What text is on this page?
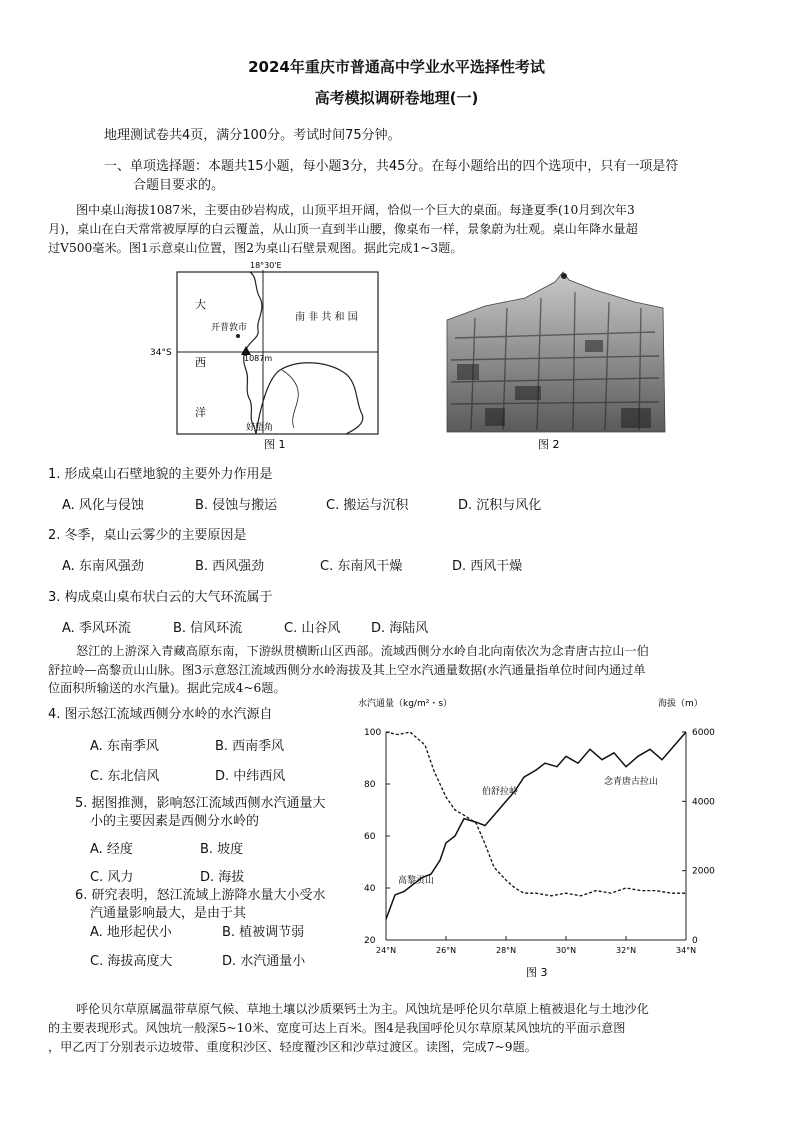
2024年重庆市普通高中学业水平选择性考试
高考模拟调研卷地理(一)
地理测试卷共4页，满分100分。考试时间75分钟。
一、单项选择题：本题共15小题，每小题3分，共45分。在每小题给出的四个选项中，只有一项是符
合题目要求的。
图中桌山海拔1087米，主要由砂岩构成，山顶平坦开阔，恰似一个巨大的桌面。每逢夏季(10月到次年3
月)，桌山在白天常常被厚厚的白云覆盖，从山顶一直到半山腰，像桌布一样，景象蔚为壮观。桌山年降水量超
过V500毫米。图1示意桌山位置，图2为桌山石壁景观图。据此完成1~3题。
18°30'E
34°S
南 非 共 和 国
大
西
洋
开普敦市
1087m
好望角
图 1	图 2
1. 形成桌山石壁地貌的主要外力作用是
A. 风化与侵蚀	B. 侵蚀与搬运	C. 搬运与沉积	D. 沉积与风化
2. 冬季，桌山云雾少的主要原因是
A. 东南风强劲	B. 西风强劲	C. 东南风干燥	D. 西风干燥
3. 构成桌山桌布状白云的大气环流属于
A. 季风环流	B. 信风环流	C. 山谷风 D. 海陆风
怒江的上游深入青藏高原东南，下游纵贯横断山区西部。流域西侧分水岭自北向南依次为念青唐古拉山一伯
舒拉岭—高黎贡山山脉。图3示意怒江流域西侧分水岭海拔及其上空水汽通量数据(水汽通量指单位时间内通过单
位面积所输送的水汽量)。据此完成4~6题。
4. 图示怒江流域西侧分水岭的水汽源自
A. 东南季风	B. 西南季风
C. 东北信风	D. 中纬西风
5. 据图推测，影响怒江流域西侧水汽通量大
小的主要因素是西侧分水岭的
A. 经度	B. 坡度
C. 风力	D. 海拔
6. 研究表明，怒江流域上游降水量大小受水
汽通量影响最大，是由于其
A. 地形起伏小	B. 植被调节弱
C. 海拔高度大	D. 水汽通量小
水汽通量（kg/m²・s）	海拔（m）
20
40
60
80
100
0
2000
4000
6000
24°N	26°N	28°N	30°N	32°N	34°N
伯舒拉岭
念青唐古拉山
高黎贡山
图 3
呼伦贝尔草原属温带草原气候、草地土壤以沙质栗钙土为主。风蚀坑是呼伦贝尔草原上植被退化与土地沙化
的主要表现形式。风蚀坑一般深5~10米、宽度可达上百米。图4是我国呼伦贝尔草原某风蚀坑的平面示意图
，甲乙丙丁分别表示边坡带、重度积沙区、轻度覆沙区和沙草过渡区。读图，完成7~9题。
